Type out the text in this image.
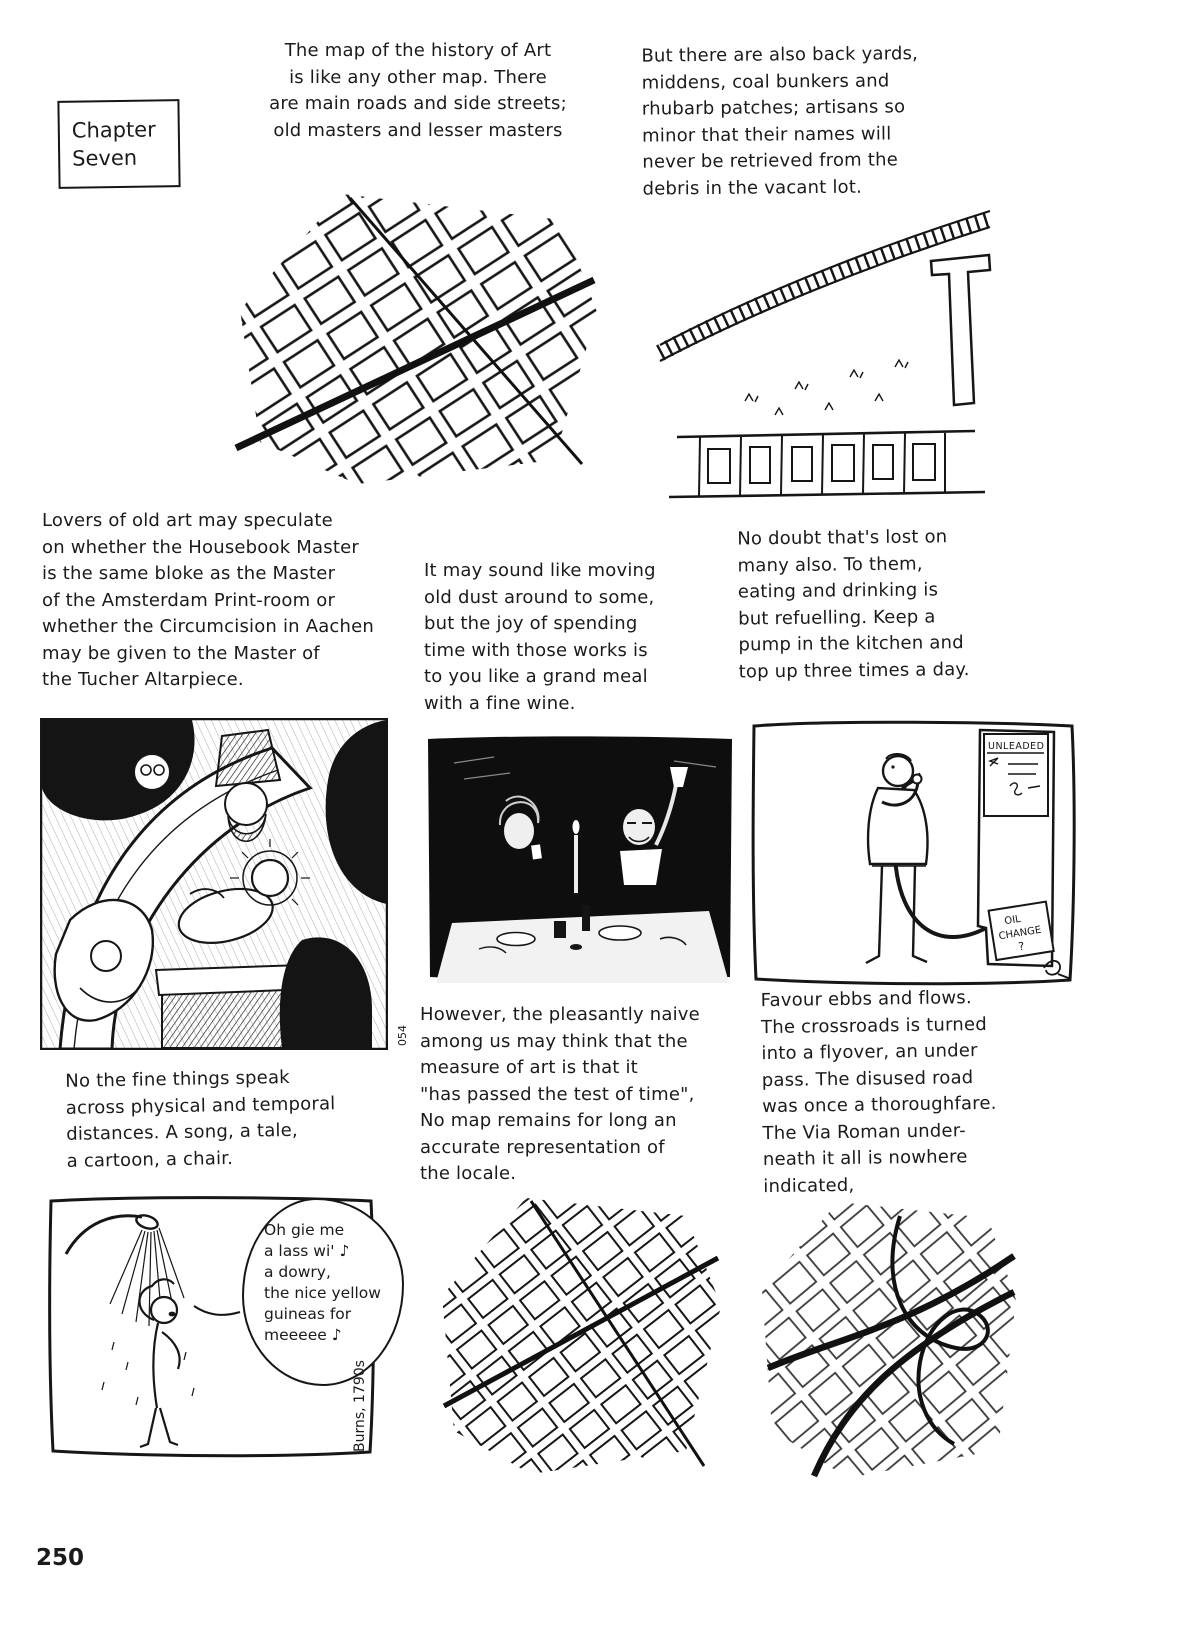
Chapter
Seven
The map of the history of Art
is like any other map. There
are main roads and side streets;
old masters and lesser masters
But there are also back yards,
middens, coal bunkers and
rhubarb patches; artisans so
minor that their names will
never be retrieved from the
debris in the vacant lot.
Lovers of old art may speculate
on whether the Housebook Master
is the same bloke as the Master
of the Amsterdam Print-room or
whether the Circumcision in Aachen
may be given to the Master of
the Tucher Altarpiece.
It may sound like moving
old dust around to some,
but the joy of spending
time with those works is
to you like a grand meal
with a fine wine.
No doubt that's lost on
many also. To them,
eating and drinking is
but refuelling. Keep a
pump in the kitchen and
top up three times a day.
No the fine things speak
across physical and temporal
distances. A song, a tale,
a cartoon, a chair.
However, the pleasantly naive
among us may think that the
measure of art is that it
"has passed the test of time",
No map remains for long an
accurate representation of
the locale.
Favour ebbs and flows.
The crossroads is turned
into a flyover, an under
pass. The disused road
was once a thoroughfare.
The Via Roman under-
neath it all is nowhere
indicated,
054
UNLEADED
OIL
CHANGE
?
Oh gie me
a lass wi' ♪
a dowry,
the nice yellow
guineas for
meeeee ♪
Burns, 1790s
250
